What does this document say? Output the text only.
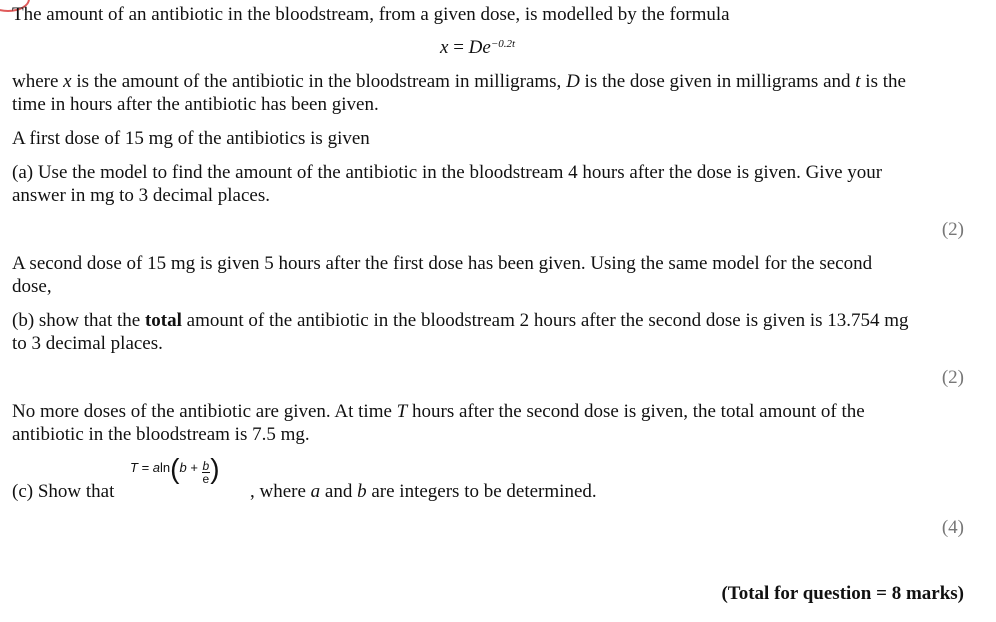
The amount of an antibiotic in the bloodstream, from a given dose, is modelled by the formula

$x = De^{-0.2t}$

where x is the amount of the antibiotic in the bloodstream in milligrams, D is the dose given in milligrams and t is the
time in hours after the antibiotic has been given.

A first dose of 15 mg of the antibiotics is given

(a) Use the model to find the amount of the antibiotic in the bloodstream 4 hours after the dose is given. Give your
answer in mg to 3 decimal places.

(2)

A second dose of 15 mg is given 5 hours after the first dose has been given. Using the same model for the second
dose,

(b) show that the total amount of the antibiotic in the bloodstream 2 hours after the second dose is given is 13.754 mg
to 3 decimal places.

(2)

No more doses of the antibiotic are given. At time T hours after the second dose is given, the total amount of the
antibiotic in the bloodstream is 7.5 mg.

(c) Show that
$T = aln(b + \frac{b}{e}$ )
, where a and b are integers to be determined.
(4)
(Total for question = 8 marks)
